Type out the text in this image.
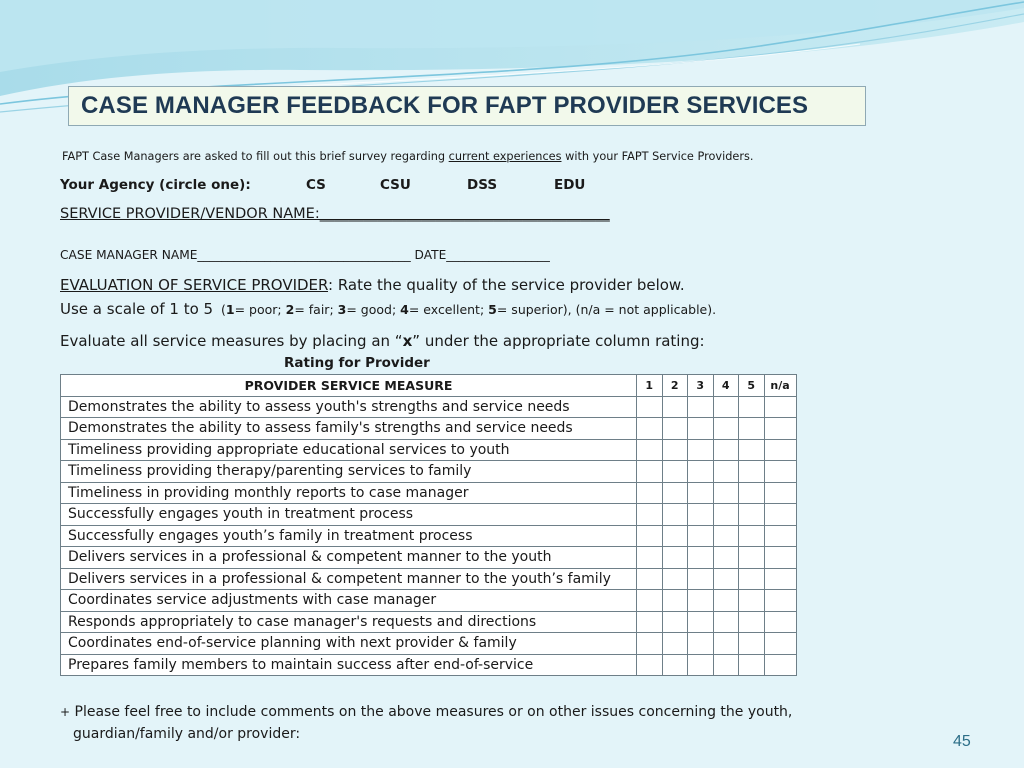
CASE MANAGER FEEDBACK FOR FAPT PROVIDER SERVICES
FAPT Case Managers are asked to fill out this brief survey regarding current experiences with your FAPT Service Providers.
Your Agency (circle one):	CS	CSU	DSS	EDU
SERVICE PROVIDER/VENDOR NAME:________________________________________
CASE MANAGER NAME___________________________________ DATE_________________
EVALUATION OF SERVICE PROVIDER: Rate the quality of the service provider below.
Use a scale of 1 to 5  (1= poor; 2= fair; 3= good; 4= excellent; 5= superior), (n/a = not applicable).
Evaluate all service measures by placing an “x” under the appropriate column rating:
Rating for Provider
PROVIDER SERVICE MEASURE	1	2	3	4	5	n/a
Demonstrates the ability to assess youth's strengths and service needs						
Demonstrates the ability to assess family's strengths and service needs						
Timeliness providing appropriate educational services to youth						
Timeliness providing therapy/parenting services to family						
Timeliness in providing monthly reports to case manager						
Successfully engages youth in treatment process						
Successfully engages youth’s family in treatment process						
Delivers services in a professional & competent manner to the youth						
Delivers services in a professional & competent manner to the youth’s family						
Coordinates service adjustments with case manager						
Responds appropriately to case manager's requests and directions						
Coordinates end-of-service planning with next provider & family						
Prepares family members to maintain success after end-of-service						
+ Please feel free to include comments on the above measures or on other issues concerning the youth,
guardian/family and/or provider:	45
